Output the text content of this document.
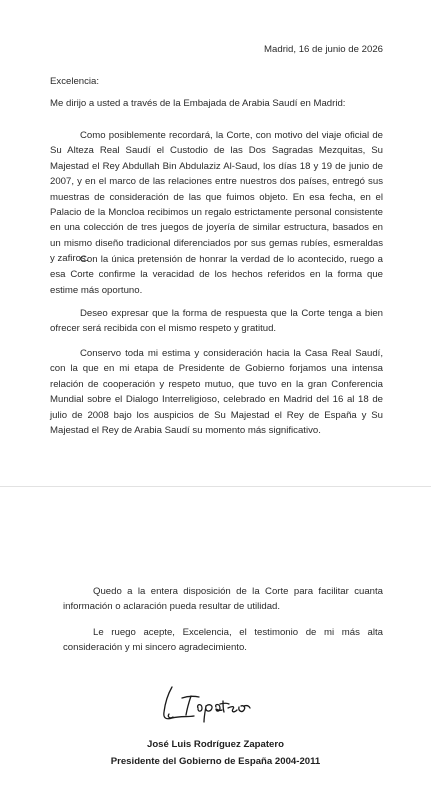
Madrid, 16 de junio de 2026
Excelencia:
Me dirijo a usted a través de la Embajada de Arabia Saudí en Madrid:

Como posiblemente recordará, la Corte, con motivo del viaje oficial de Su Alteza Real Saudí el Custodio de las Dos Sagradas Mezquitas, Su Majestad el Rey Abdullah Bin Abdulaziz Al-Saud, los días 18 y 19 de junio de 2007, y en el marco de las relaciones entre nuestros dos países, entregó sus muestras de consideración de las que fuimos objeto. En esa fecha, en el Palacio de la Moncloa recibimos un regalo estrictamente personal consistente en una colección de tres juegos de joyería de similar estructura, basados en un mismo diseño tradicional diferenciados por sus gemas rubíes, esmeraldas y zafiros.

Con la única pretensión de honrar la verdad de lo acontecido, ruego a esa Corte confirme la veracidad de los hechos referidos en la forma que estime más oportuno.

Deseo expresar que la forma de respuesta que la Corte tenga a bien ofrecer será recibida con el mismo respeto y gratitud.

Conservo toda mi estima y consideración hacia la Casa Real Saudí, con la que en mi etapa de Presidente de Gobierno forjamos una intensa relación de cooperación y respeto mutuo, que tuvo en la gran Conferencia Mundial sobre el Dialogo Interreligioso, celebrado en Madrid del 16 al 18 de julio de 2008 bajo los auspicios de Su Majestad el Rey de España y Su Majestad el Rey de Arabia Saudí su momento más significativo.

Quedo a la entera disposición de la Corte para facilitar cuanta información o aclaración pueda resultar de utilidad.

Le ruego acepte, Excelencia, el testimonio de mi más alta consideración y mi sincero agradecimiento.

José Luis Rodríguez Zapatero
Presidente del Gobierno de España 2004-2011
